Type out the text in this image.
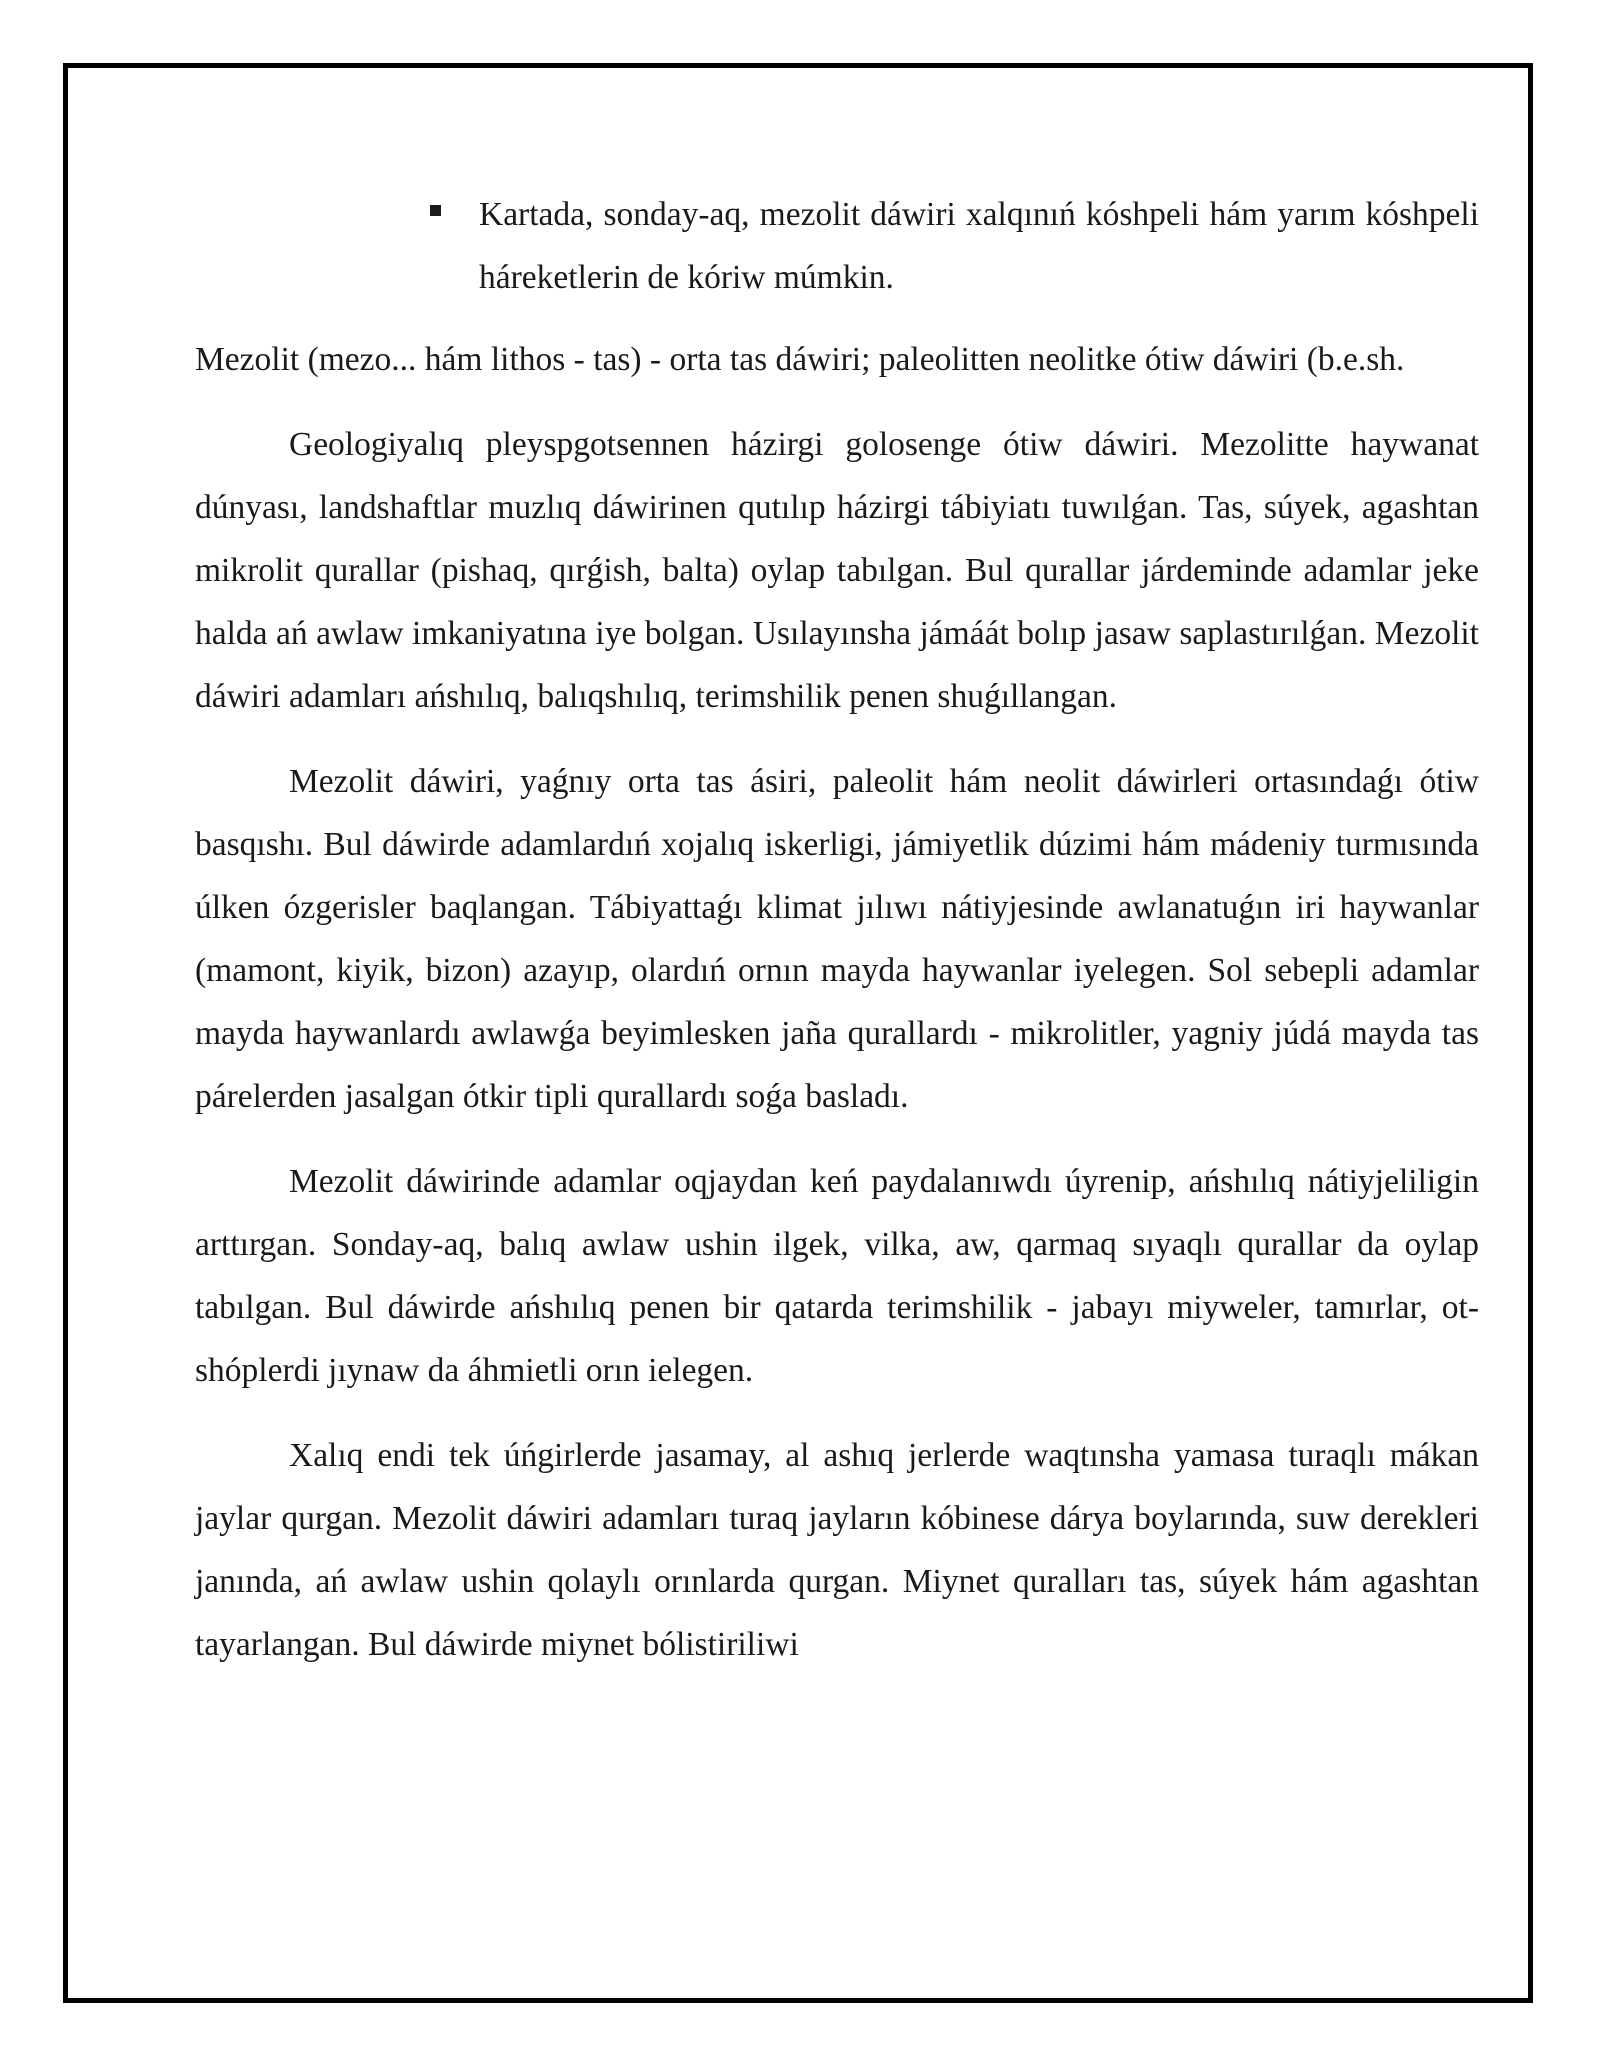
Kartada, sonday-aq, mezolit dáwiri xalqınıń kóshpeli hám yarım kóshpeli háreketlerin de kóriw múmkin.

Mezolit (mezo... hám lithos - tas) - orta tas dáwiri; paleolitten neolitke ótiw dáwiri (b.e.sh.

Geologiyalıq pleyspgotsennen házirgi golosenge ótiw dáwiri. Mezolitte haywanat dúnyası, landshaftlar muzlıq dáwirinen qutılıp házirgi tábiyiatı tuwılǵan. Tas, súyek, agashtan mikrolit qurallar (pishaq, qırǵish, balta) oylap tabılgan. Bul qurallar járdeminde adamlar jeke halda ań awlaw imkaniyatına iye bolgan. Usılayınsha jámáát bolıp jasaw saplastırılǵan. Mezolit dáwiri adamları ańshılıq, balıqshılıq, terimshilik penen shuǵıllangan.

Mezolit dáwiri, yaǵnıy orta tas ásiri, paleolit hám neolit dáwirleri ortasındaǵı ótiw basqıshı. Bul dáwirde adamlardıń xojalıq iskerligi, jámiyetlik dúzimi hám mádeniy turmısında úlken ózgerisler baqlangan. Tábiyattaǵı klimat jılıwı nátiyjesinde awlanatuǵın iri haywanlar (mamont, kiyik, bizon) azayıp, olardıń ornın mayda haywanlar iyelegen. Sol sebepli adamlar mayda haywanlardı awlawǵa beyimlesken jaña qurallardı - mikrolitler, yagniy júdá mayda tas párelerden jasalgan ótkir tipli qurallardı soǵa basladı.

Mezolit dáwirinde adamlar oqjaydan keń paydalanıwdı úyrenip, ańshılıq nátiyjeliligin arttırgan. Sonday-aq, balıq awlaw ushin ilgek, vilka, aw, qarmaq sıyaqlı qurallar da oylap tabılgan. Bul dáwirde ańshılıq penen bir qatarda terimshilik - jabayı miyweler, tamırlar, ot-shóplerdi jıynaw da áhmietli orın ielegen.

Xalıq endi tek úńgirlerde jasamay, al ashıq jerlerde waqtınsha yamasa turaqlı mákan jaylar qurgan. Mezolit dáwiri adamları turaq jayların kóbinese dárya boylarında, suw derekleri janında, ań awlaw ushin qolaylı orınlarda qurgan. Miynet quralları tas, súyek hám agashtan tayarlangan. Bul dáwirde miynet bólistiriliwi
